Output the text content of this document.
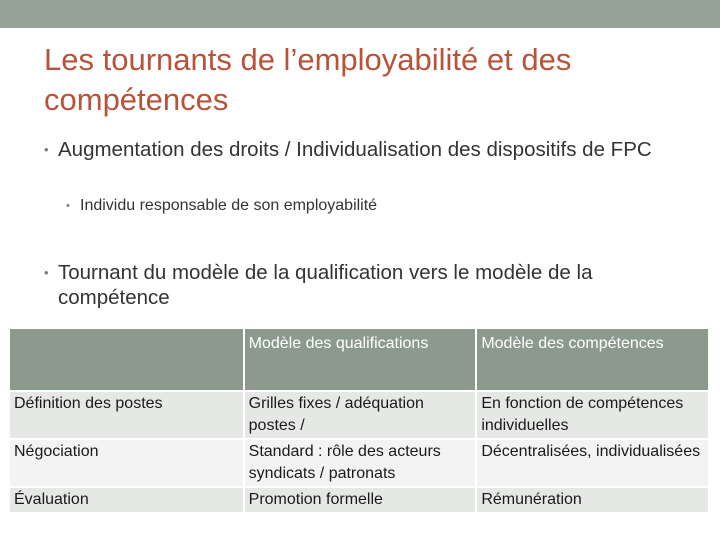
Les tournants de l’employabilité et des compétences
• Augmentation des droits / Individualisation des dispositifs de FPC
• Individu responsable de son employabilité
• Tournant du modèle de la qualification vers le modèle de la compétence
	Modèle des qualifications	Modèle des compétences
Définition des postes	Grilles fixes / adéquation postes /	En fonction de compétences individuelles
Négociation	Standard : rôle des acteurs syndicats / patronats	Décentralisées, individualisées
Évaluation	Promotion formelle	Rémunération
